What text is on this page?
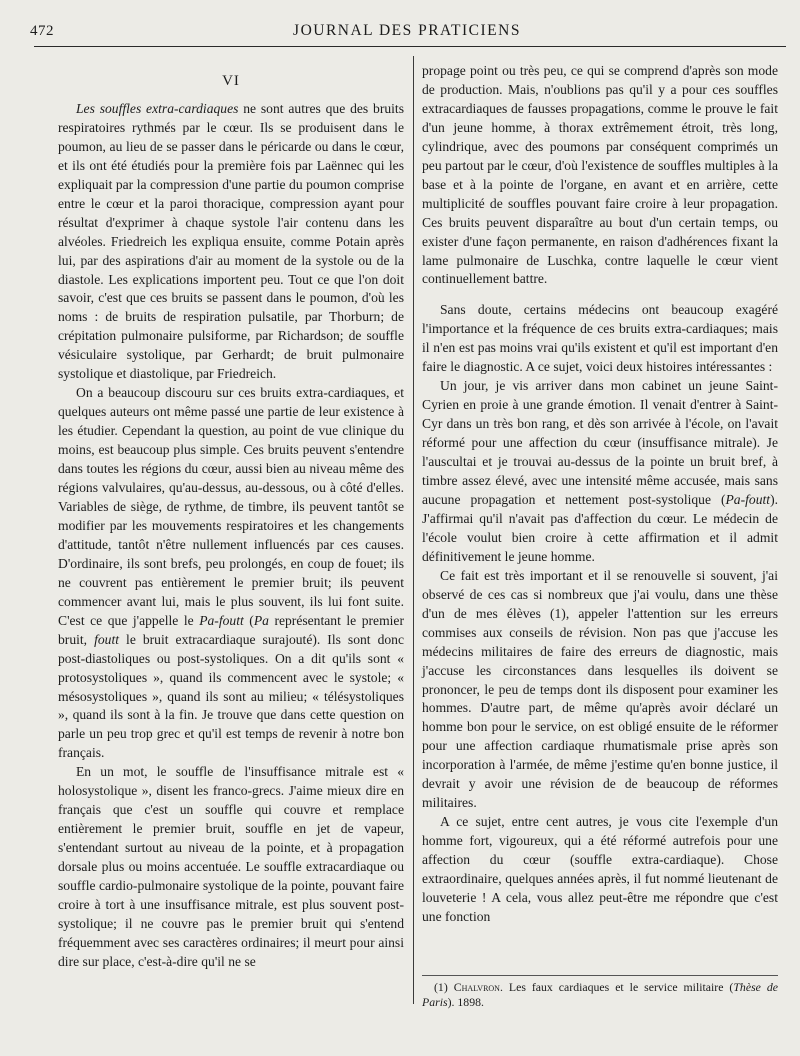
472	JOURNAL DES PRATICIENS
VI

Les souffles extra-cardiaques ne sont autres que des bruits respiratoires rythmés par le cœur. Ils se produisent dans le poumon, au lieu de se passer dans le péricarde ou dans le cœur, et ils ont été étudiés pour la première fois par Laënnec qui les expliquait par la compression d'une partie du poumon comprise entre le cœur et la paroi thoracique, compression ayant pour résultat d'exprimer à chaque systole l'air contenu dans les alvéoles. Friedreich les expliqua ensuite, comme Potain après lui, par des aspirations d'air au moment de la systole ou de la diastole. Les explications importent peu. Tout ce que l'on doit savoir, c'est que ces bruits se passent dans le poumon, d'où les noms : de bruits de respiration pulsatile, par Thorburn; de crépitation pulmonaire pulsiforme, par Richardson; de souffle vésiculaire systolique, par Gerhardt; de bruit pulmonaire systolique et diastolique, par Friedreich.

On a beaucoup discouru sur ces bruits extra-cardiaques, et quelques auteurs ont même passé une partie de leur existence à les étudier. Cependant la question, au point de vue clinique du moins, est beaucoup plus simple. Ces bruits peuvent s'entendre dans toutes les régions du cœur, aussi bien au niveau même des régions valvulaires, qu'au-dessus, au-dessous, ou à côté d'elles. Variables de siège, de rythme, de timbre, ils peuvent tantôt se modifier par les mouvements respiratoires et les changements d'attitude, tantôt n'être nullement influencés par ces causes. D'ordinaire, ils sont brefs, peu prolongés, en coup de fouet; ils ne couvrent pas entièrement le premier bruit; ils peuvent commencer avant lui, mais le plus souvent, ils lui font suite. C'est ce que j'appelle le Pa-foutt (Pa représentant le premier bruit, foutt le bruit extracardiaque surajouté). Ils sont donc post-diastoliques ou post-systoliques. On a dit qu'ils sont « protosystoliques », quand ils commencent avec le systole; « mésosystoliques », quand ils sont au milieu; « télésystoliques », quand ils sont à la fin. Je trouve que dans cette question on parle un peu trop grec et qu'il est temps de revenir à notre bon français.

En un mot, le souffle de l'insuffisance mitrale est « holosystolique », disent les franco-grecs. J'aime mieux dire en français que c'est un souffle qui couvre et remplace entièrement le premier bruit, souffle en jet de vapeur, s'entendant surtout au niveau de la pointe, et à propagation dorsale plus ou moins accentuée. Le souffle extracardiaque ou souffle cardio-pulmonaire systolique de la pointe, pouvant faire croire à tort à une insuffisance mitrale, est plus souvent post-systolique; il ne couvre pas le premier bruit qui s'entend fréquemment avec ses caractères ordinaires; il meurt pour ainsi dire sur place, c'est-à-dire qu'il ne se

propage point ou très peu, ce qui se comprend d'après son mode de production. Mais, n'oublions pas qu'il y a pour ces souffles extracardiaques de fausses propagations, comme le prouve le fait d'un jeune homme, à thorax extrêmement étroit, très long, cylindrique, avec des poumons par conséquent comprimés un peu partout par le cœur, d'où l'existence de souffles multiples à la base et à la pointe de l'organe, en avant et en arrière, cette multiplicité de souffles pouvant faire croire à leur propagation. Ces bruits peuvent disparaître au bout d'un certain temps, ou exister d'une façon permanente, en raison d'adhérences fixant la lame pulmonaire de Luschka, contre laquelle le cœur vient continuellement battre.

Sans doute, certains médecins ont beaucoup exagéré l'importance et la fréquence de ces bruits extra-cardiaques; mais il n'en est pas moins vrai qu'ils existent et qu'il est important d'en faire le diagnostic. A ce sujet, voici deux histoires intéressantes :

Un jour, je vis arriver dans mon cabinet un jeune Saint-Cyrien en proie à une grande émotion. Il venait d'entrer à Saint-Cyr dans un très bon rang, et dès son arrivée à l'école, on l'avait réformé pour une affection du cœur (insuffisance mitrale). Je l'auscultai et je trouvai au-dessus de la pointe un bruit bref, à timbre assez élevé, avec une intensité même accusée, mais sans aucune propagation et nettement post-systolique (Pa-foutt). J'affirmai qu'il n'avait pas d'affection du cœur. Le médecin de l'école voulut bien croire à cette affirmation et il admit définitivement le jeune homme.

Ce fait est très important et il se renouvelle si souvent, j'ai observé de ces cas si nombreux que j'ai voulu, dans une thèse d'un de mes élèves (1), appeler l'attention sur les erreurs commises aux conseils de révision. Non pas que j'accuse les médecins militaires de faire des erreurs de diagnostic, mais j'accuse les circonstances dans lesquelles ils doivent se prononcer, le peu de temps dont ils disposent pour examiner les hommes. D'autre part, de même qu'après avoir déclaré un homme bon pour le service, on est obligé ensuite de le réformer pour une affection cardiaque rhumatismale prise après son incorporation à l'armée, de même j'estime qu'en bonne justice, il devrait y avoir une révision de de beaucoup de réformes militaires.

A ce sujet, entre cent autres, je vous cite l'exemple d'un homme fort, vigoureux, qui a été réformé autrefois pour une affection du cœur (souffle extra-cardiaque). Chose extraordinaire, quelques années après, il fut nommé lieutenant de louveterie ! A cela, vous allez peut-être me répondre que c'est une fonction

(1) Chalvron. Les faux cardiaques et le service militaire (Thèse de Paris). 1898.
